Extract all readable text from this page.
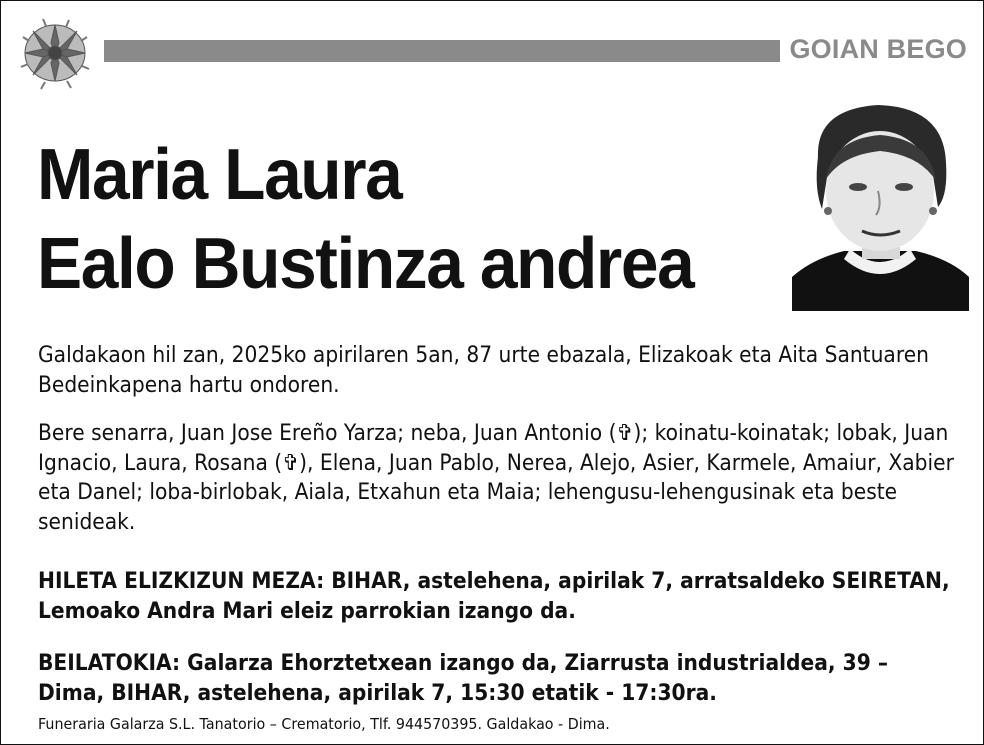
GOIAN BEGO
Maria Laura
Ealo Bustinza andrea
Galdakaon hil zan, 2025ko apirilaren 5an, 87 urte ebazala, Elizakoak eta Aita Santuaren Bedeinkapena hartu ondoren.
Bere senarra, Juan Jose Ereño Yarza; neba, Juan Antonio (✞); koinatu-koinatak; lobak, Juan Ignacio, Laura, Rosana (✞), Elena, Juan Pablo, Nerea, Alejo, Asier, Karmele, Amaiur, Xabier eta Danel; loba-birlobak, Aiala, Etxahun eta Maia; lehengusu-lehengusinak eta beste senideak.
HILETA ELIZKIZUN MEZA: BIHAR, astelehena, apirilak 7, arratsaldeko SEIRETAN, Lemoako Andra Mari eleiz parrokian izango da.
BEILATOKIA: Galarza Ehorztetxean izango da, Ziarrusta industrialdea, 39 – Dima, BIHAR, astelehena, apirilak 7, 15:30 etatik - 17:30ra.
Funeraria Galarza S.L. Tanatorio – Crematorio, Tlf. 944570395. Galdakao - Dima.
